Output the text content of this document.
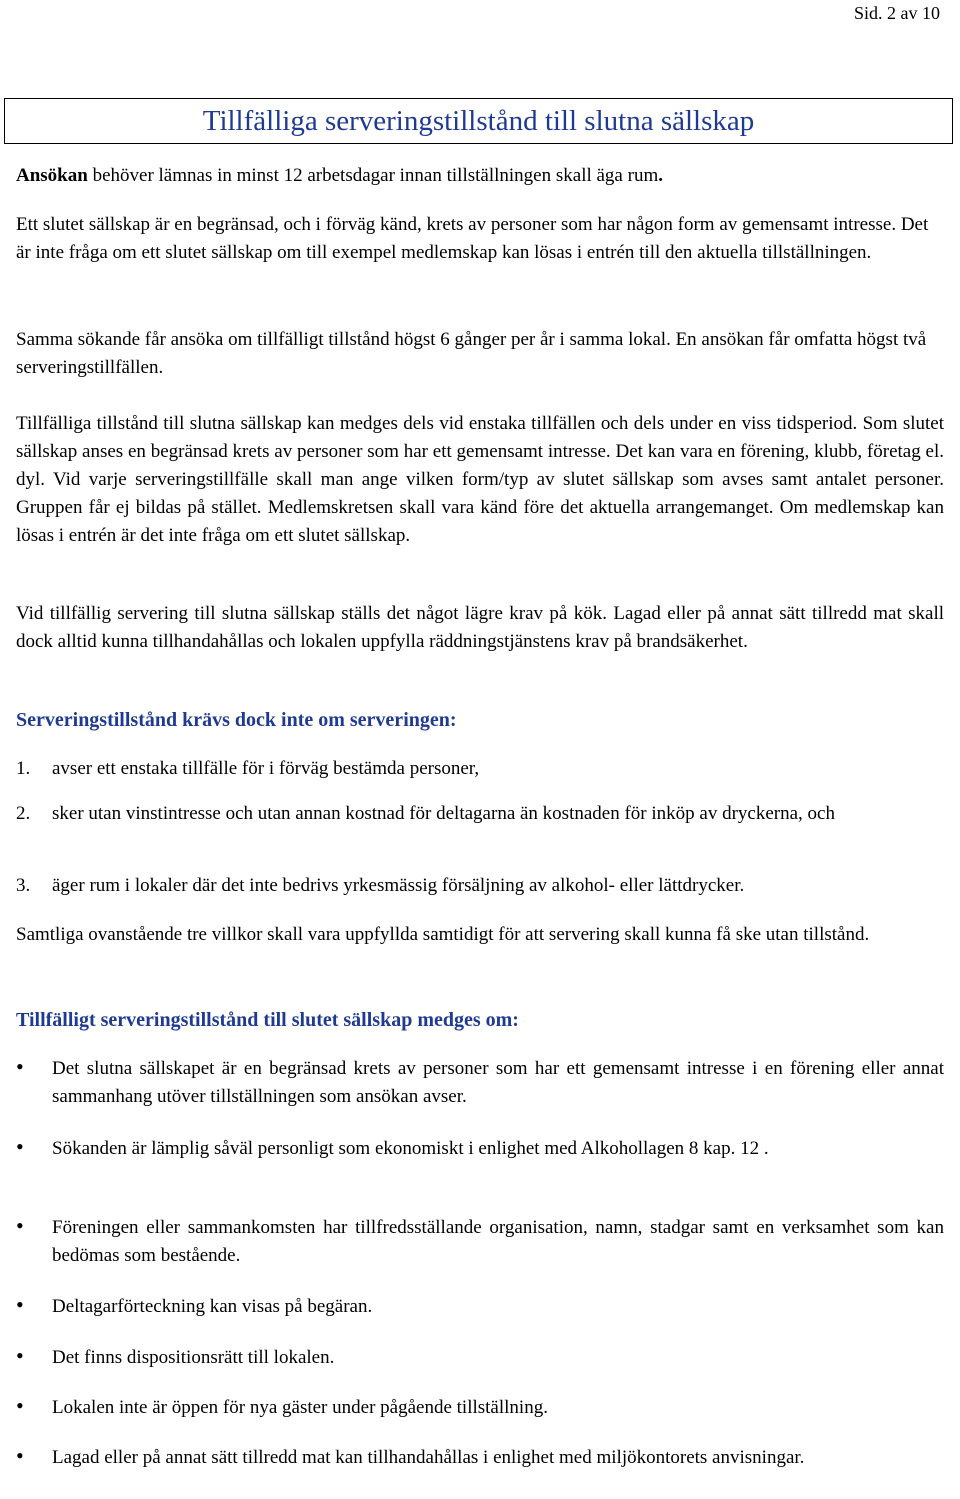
Sid. 2 av 10
Tillfälliga serveringstillstånd till slutna sällskap
Ansökan behöver lämnas in minst 12 arbetsdagar innan tillställningen skall äga rum.
Ett slutet sällskap är en begränsad, och i förväg känd, krets av personer som har någon form av gemensamt intresse. Det är inte fråga om ett slutet sällskap om till exempel medlemskap kan lösas i entrén till den aktuella tillställningen.
Samma sökande får ansöka om tillfälligt tillstånd högst 6 gånger per år i samma lokal. En ansökan får omfatta högst två serveringstillfällen.
Tillfälliga tillstånd till slutna sällskap kan medges dels vid enstaka tillfällen och dels under en viss tidsperiod. Som slutet sällskap anses en begränsad krets av personer som har ett gemensamt intresse. Det kan vara en förening, klubb, företag el. dyl. Vid varje serveringstillfälle skall man ange vilken form/typ av slutet sällskap som avses samt antalet personer. Gruppen får ej bildas på stället. Medlemskretsen skall vara känd före det aktuella arrangemanget. Om medlemskap kan lösas i entrén är det inte fråga om ett slutet sällskap.
Vid tillfällig servering till slutna sällskap ställs det något lägre krav på kök. Lagad eller på annat sätt tillredd mat skall dock alltid kunna tillhandahållas och lokalen uppfylla räddningstjänstens krav på brandsäkerhet.
Serveringstillstånd krävs dock inte om serveringen:
1.	avser ett enstaka tillfälle för i förväg bestämda personer,
2.	sker utan vinstintresse och utan annan kostnad för deltagarna än kostnaden för inköp av dryckerna, och
3.	äger rum i lokaler där det inte bedrivs yrkesmässig försäljning av alkohol- eller lättdrycker.
Samtliga ovanstående tre villkor skall vara uppfyllda samtidigt för att servering skall kunna få ske utan tillstånd.
Tillfälligt serveringstillstånd till slutet sällskap medges om:
•	Det slutna sällskapet är en begränsad krets av personer som har ett gemensamt intresse i en förening eller annat sammanhang utöver tillställningen som ansökan avser.
•	Sökanden är lämplig såväl personligt som ekonomiskt i enlighet med Alkohollagen 8 kap. 12 .
•	Föreningen eller sammankomsten har tillfredsställande organisation, namn, stadgar samt en verksamhet som kan bedömas som bestående.
•	Deltagarförteckning kan visas på begäran.
•	Det finns dispositionsrätt till lokalen.
•	Lokalen inte är öppen för nya gäster under pågående tillställning.
•	Lagad eller på annat sätt tillredd mat kan tillhandahållas i enlighet med miljökontorets anvisningar.
